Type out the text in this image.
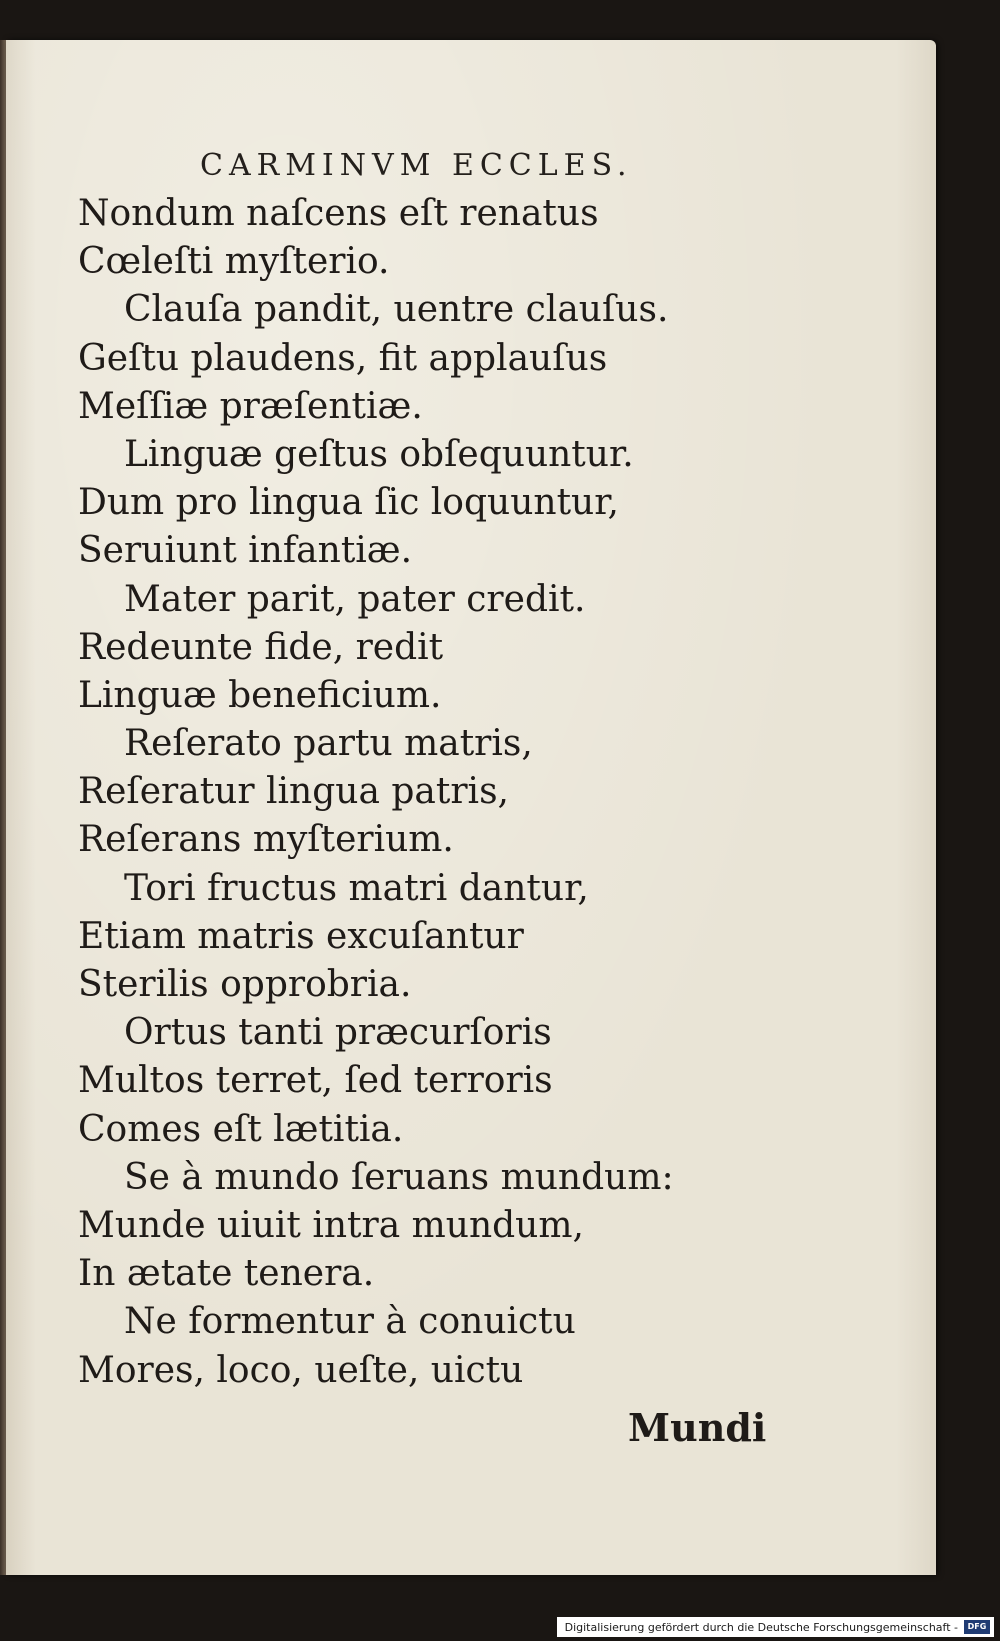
CARMINVM ECCLES.
Nondum naſcens eſt renatus
Cœleſti myſterio.
Clauſa pandit, uentre clauſus.
Geſtu plaudens, fit applauſus
Meſſiæ præſentiæ.
Linguæ geſtus obſequuntur.
Dum pro lingua ſic loquuntur,
Seruiunt infantiæ.
Mater parit, pater credit.
Redeunte fide, redit
Linguæ beneficium.
Reſerato partu matris,
Reſeratur lingua patris,
Reſerans myſterium.
Tori fructus matri dantur,
Etiam matris excuſantur
Sterilis opprobria.
Ortus tanti præcurſoris
Multos terret, ſed terroris
Comes eſt lætitia.
Se à mundo ſeruans mundum:
Munde uiuit intra mundum,
In ætate tenera.
Ne formentur à conuictu
Mores, loco, ueſte, uictu
Mundi
Digitalisierung gefördert durch die Deutsche Forschungsgemeinschaft -	DFG
